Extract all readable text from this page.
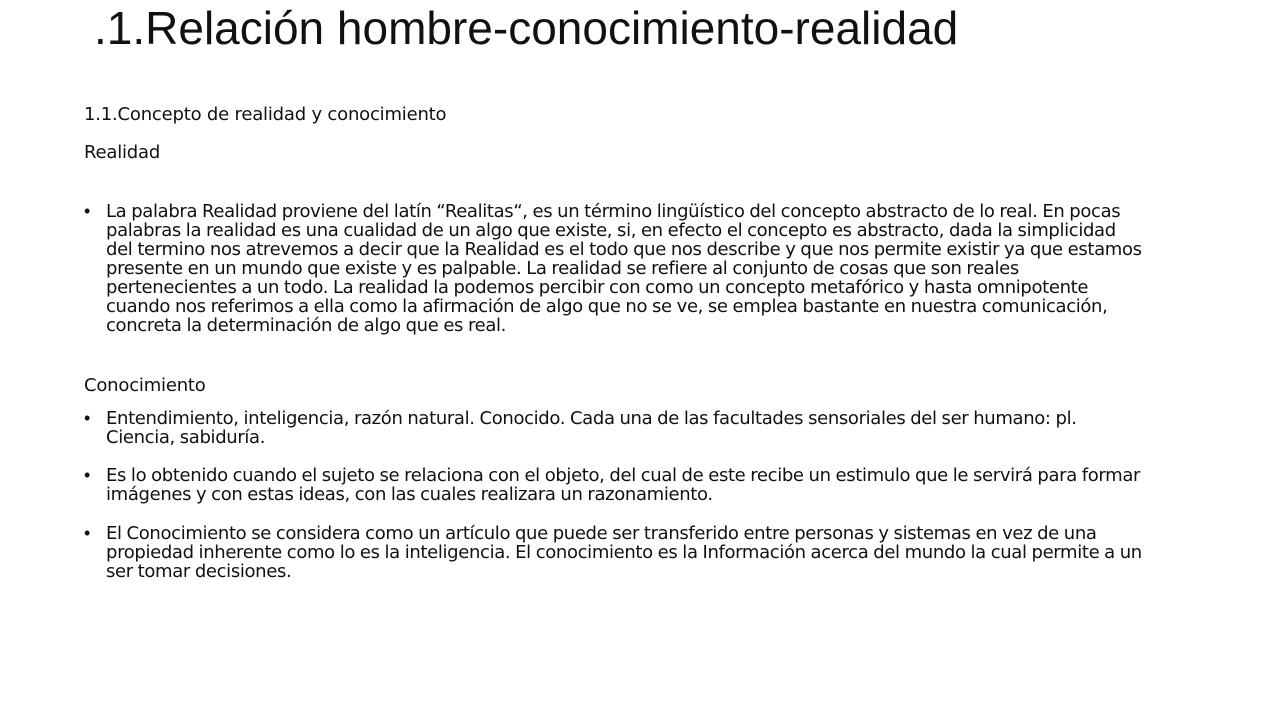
.1.Relación hombre-conocimiento-realidad

1.1.Concepto de realidad y conocimiento

Realidad

• La palabra Realidad proviene del latín “Realitas“, es un término lingüístico del concepto abstracto de lo real. En pocas palabras la realidad es una cualidad de un algo que existe, si, en efecto el concepto es abstracto, dada la simplicidad del termino nos atrevemos a decir que la Realidad es el todo que nos describe y que nos permite existir ya que estamos presente en un mundo que existe y es palpable. La realidad se refiere al conjunto de cosas que son reales pertenecientes a un todo. La realidad la podemos percibir con como un concepto metafórico y hasta omnipotente cuando nos referimos a ella como la afirmación de algo que no se ve, se emplea bastante en nuestra comunicación, concreta la determinación de algo que es real.

Conocimiento

• Entendimiento, inteligencia, razón natural. Conocido. Cada una de las facultades sensoriales del ser humano: pl. Ciencia, sabiduría.
• Es lo obtenido cuando el sujeto se relaciona con el objeto, del cual de este recibe un estimulo que le servirá para formar imágenes y con estas ideas, con las cuales realizara un razonamiento.
• El Conocimiento se considera como un artículo que puede ser transferido entre personas y sistemas en vez de una propiedad inherente como lo es la inteligencia. El conocimiento es la Información acerca del mundo la cual permite a un ser tomar decisiones.
